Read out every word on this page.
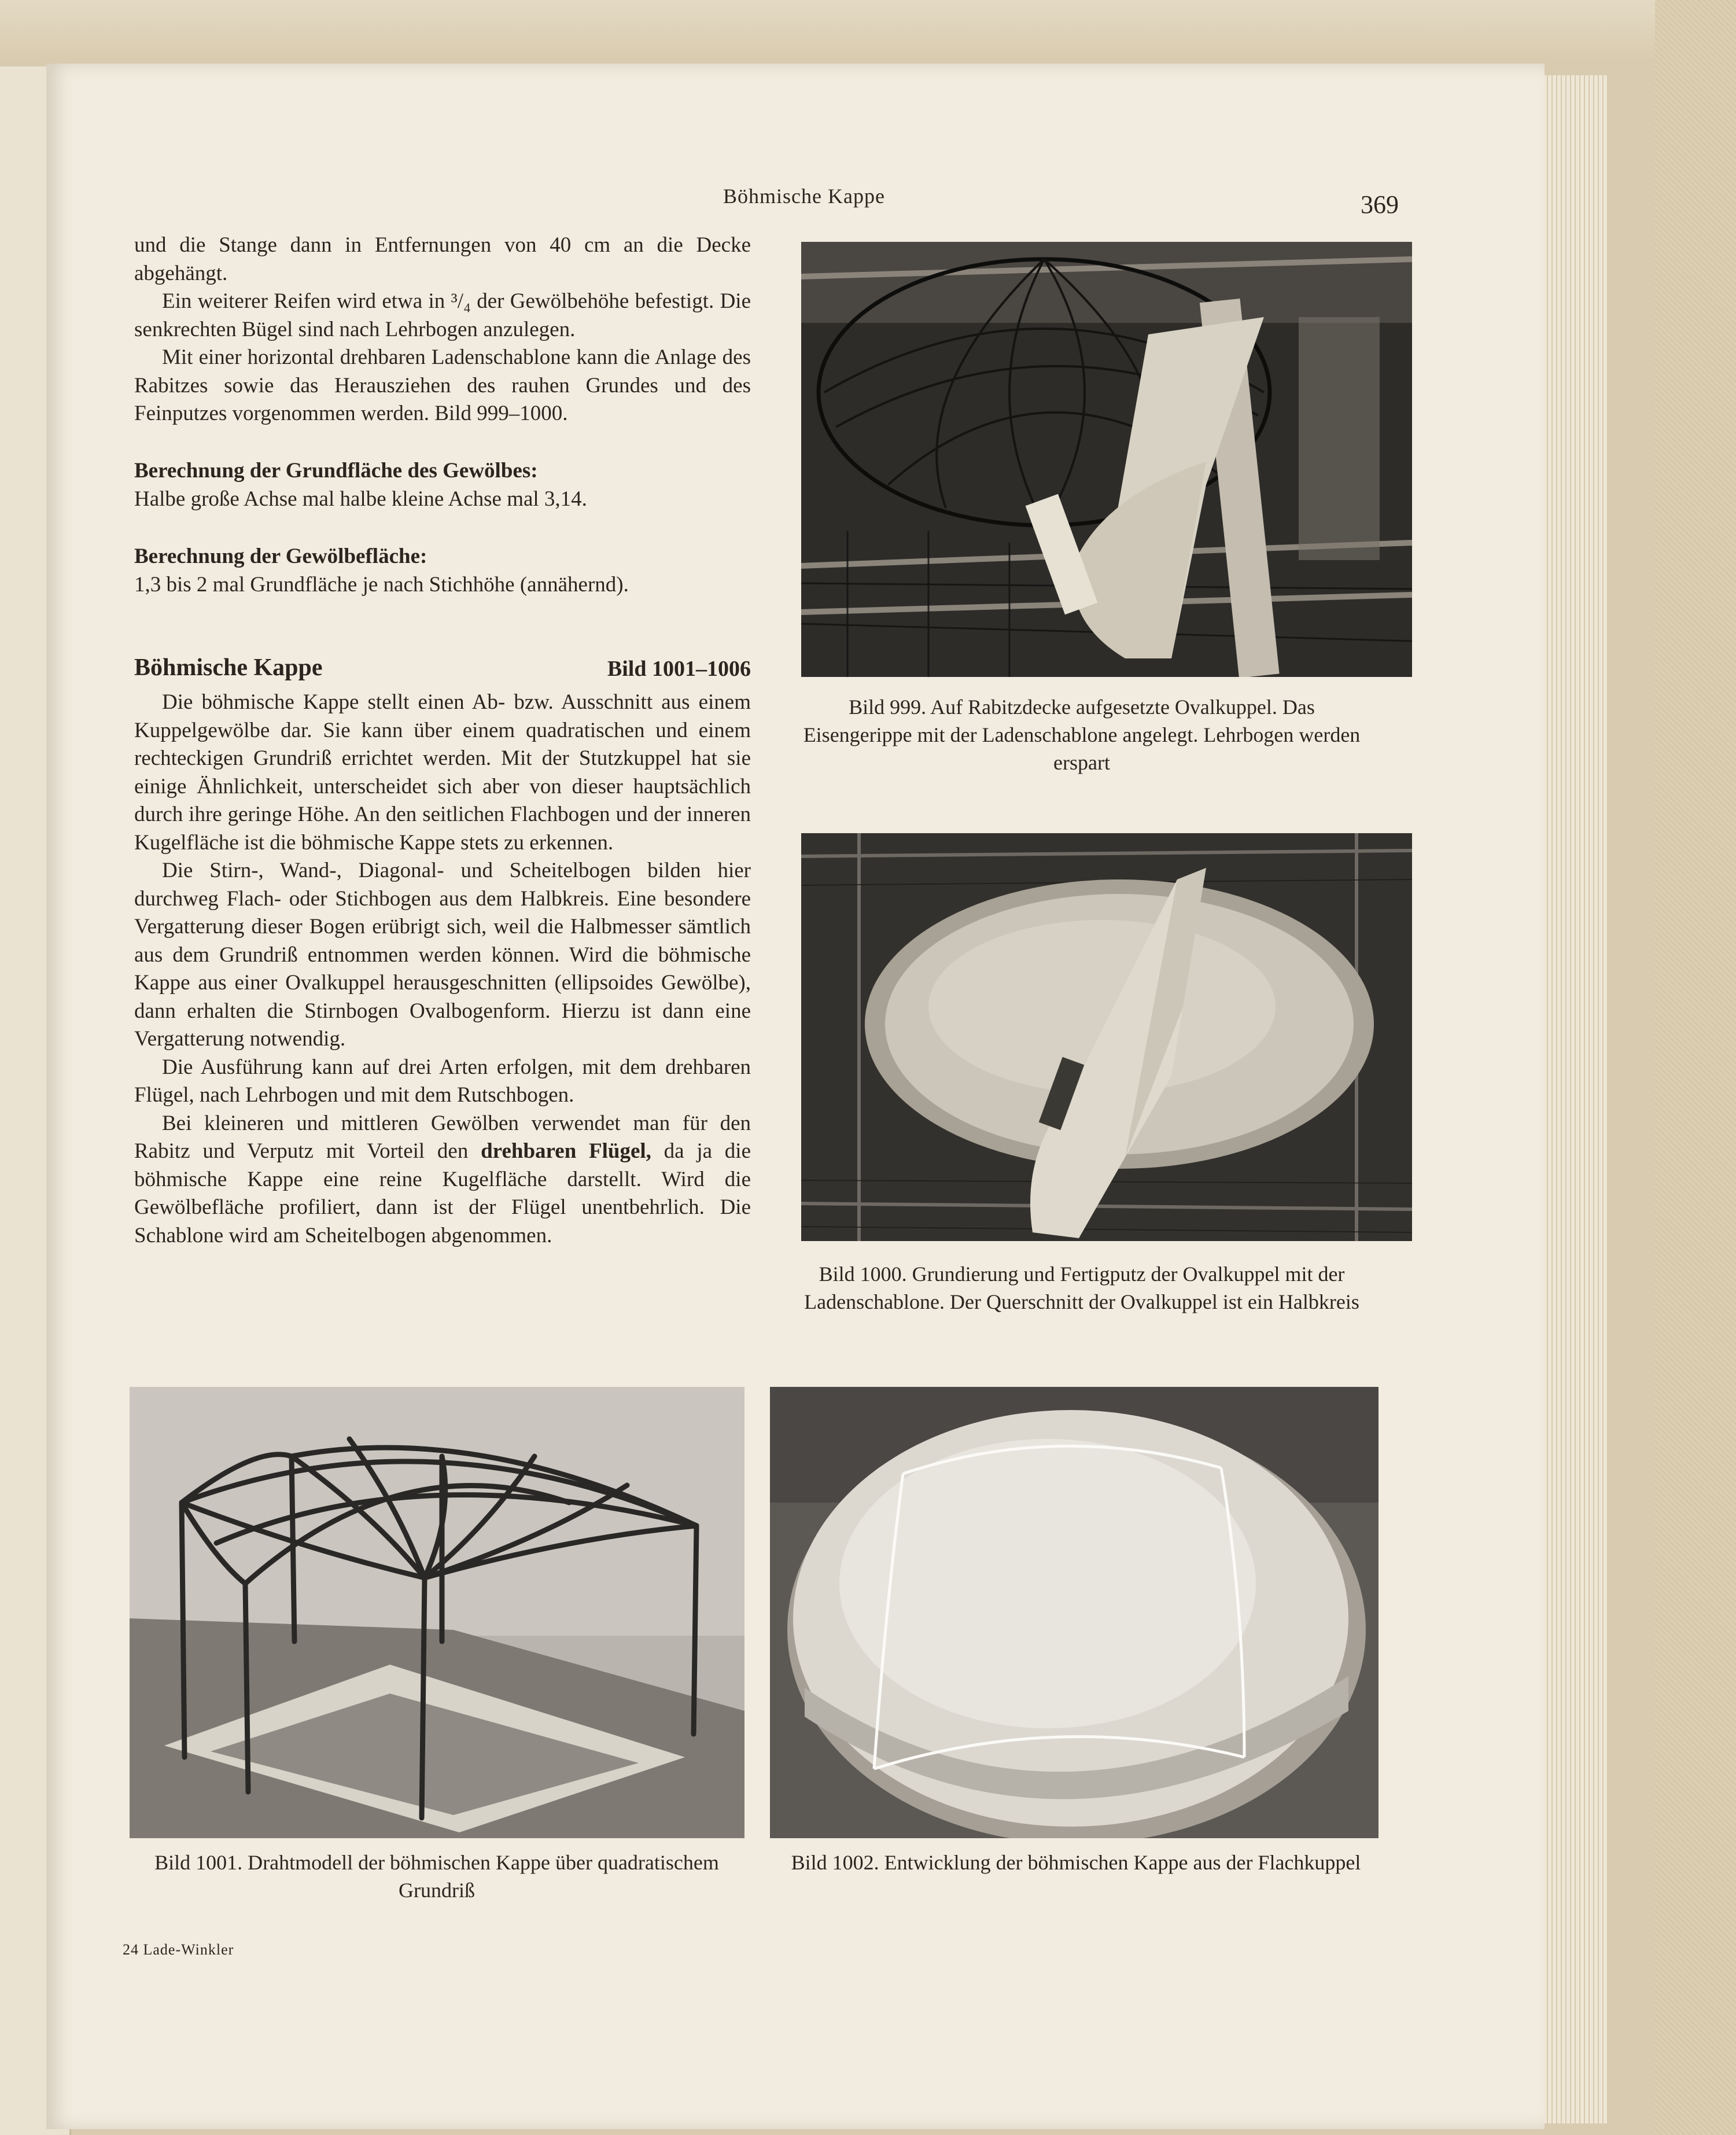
Böhmische Kappe	369

und die Stange dann in Entfernungen von 40 cm an die Decke abgehängt.

Ein weiterer Reifen wird etwa in ³/₄ der Gewölbehöhe befestigt. Die senkrechten Bügel sind nach Lehrbogen anzulegen.

Mit einer horizontal drehbaren Ladenschablone kann die Anlage des Rabitzes sowie das Herausziehen des rauhen Grundes und des Feinputzes vorgenommen werden. Bild 999–1000.

Berechnung der Grundfläche des Gewölbes:

Halbe große Achse mal halbe kleine Achse mal 3,14.

Berechnung der Gewölbefläche:

1,3 bis 2 mal Grundfläche je nach Stichhöhe (annähernd).

Böhmische Kappe	Bild 1001–1006

Die böhmische Kappe stellt einen Ab- bzw. Ausschnitt aus einem Kuppelgewölbe dar. Sie kann über einem quadratischen und einem rechteckigen Grundriß errichtet werden. Mit der Stutzkuppel hat sie einige Ähnlichkeit, unterscheidet sich aber von dieser hauptsächlich durch ihre geringe Höhe. An den seitlichen Flachbogen und der inneren Kugelfläche ist die böhmische Kappe stets zu erkennen.

Die Stirn-, Wand-, Diagonal- und Scheitelbogen bilden hier durchweg Flach- oder Stichbogen aus dem Halbkreis. Eine besondere Vergatterung dieser Bogen erübrigt sich, weil die Halbmesser sämtlich aus dem Grundriß entnommen werden können. Wird die böhmische Kappe aus einer Ovalkuppel herausgeschnitten (ellipsoides Gewölbe), dann erhalten die Stirnbogen Ovalbogenform. Hierzu ist dann eine Vergatterung notwendig.

Die Ausführung kann auf drei Arten erfolgen, mit dem drehbaren Flügel, nach Lehrbogen und mit dem Rutschbogen.

Bei kleineren und mittleren Gewölben verwendet man für den Rabitz und Verputz mit Vorteil den drehbaren Flügel, da ja die böhmische Kappe eine reine Kugelfläche darstellt. Wird die Gewölbefläche profiliert, dann ist der Flügel unentbehrlich. Die Schablone wird am Scheitelbogen abgenommen.

Bild 999. Auf Rabitzdecke aufgesetzte Ovalkuppel. Das Eisengerippe mit der Ladenschablone angelegt. Lehrbogen werden erspart
Bild 1000. Grundierung und Fertigputz der Ovalkuppel mit der Ladenschablone. Der Querschnitt der Ovalkuppel ist ein Halbkreis
Bild 1001. Drahtmodell der böhmischen Kappe über quadratischem Grundriß
Bild 1002. Entwicklung der böhmischen Kappe aus der Flachkuppel
24 Lade-Winkler
